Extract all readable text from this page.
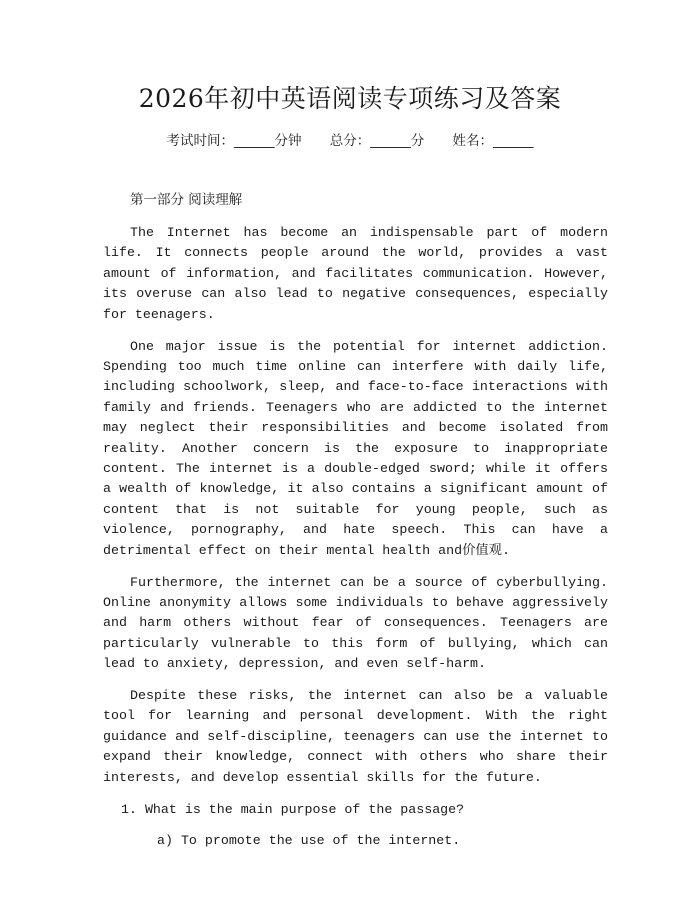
2026年初中英语阅读专项练习及答案
考试时间：______分钟 总分：______分 姓名：______
第一部分 阅读理解

The Internet has become an indispensable part of modern life. It connects people around the world, provides a vast amount of information, and facilitates communication. However, its overuse can also lead to negative consequences, especially for teenagers.

One major issue is the potential for internet addiction. Spending too much time online can interfere with daily life, including schoolwork, sleep, and face-to-face interactions with family and friends. Teenagers who are addicted to the internet may neglect their responsibilities and become isolated from reality. Another concern is the exposure to inappropriate content. The internet is a double-edged sword; while it offers a wealth of knowledge, it also contains a significant amount of content that is not suitable for young people, such as violence, pornography, and hate speech. This can have a detrimental effect on their mental health and价值观.

Furthermore, the internet can be a source of cyberbullying. Online anonymity allows some individuals to behave aggressively and harm others without fear of consequences. Teenagers are particularly vulnerable to this form of bullying, which can lead to anxiety, depression, and even self-harm.

Despite these risks, the internet can also be a valuable tool for learning and personal development. With the right guidance and self-discipline, teenagers can use the internet to expand their knowledge, connect with others who share their interests, and develop essential skills for the future.

1. What is the main purpose of the passage?

a) To promote the use of the internet.
